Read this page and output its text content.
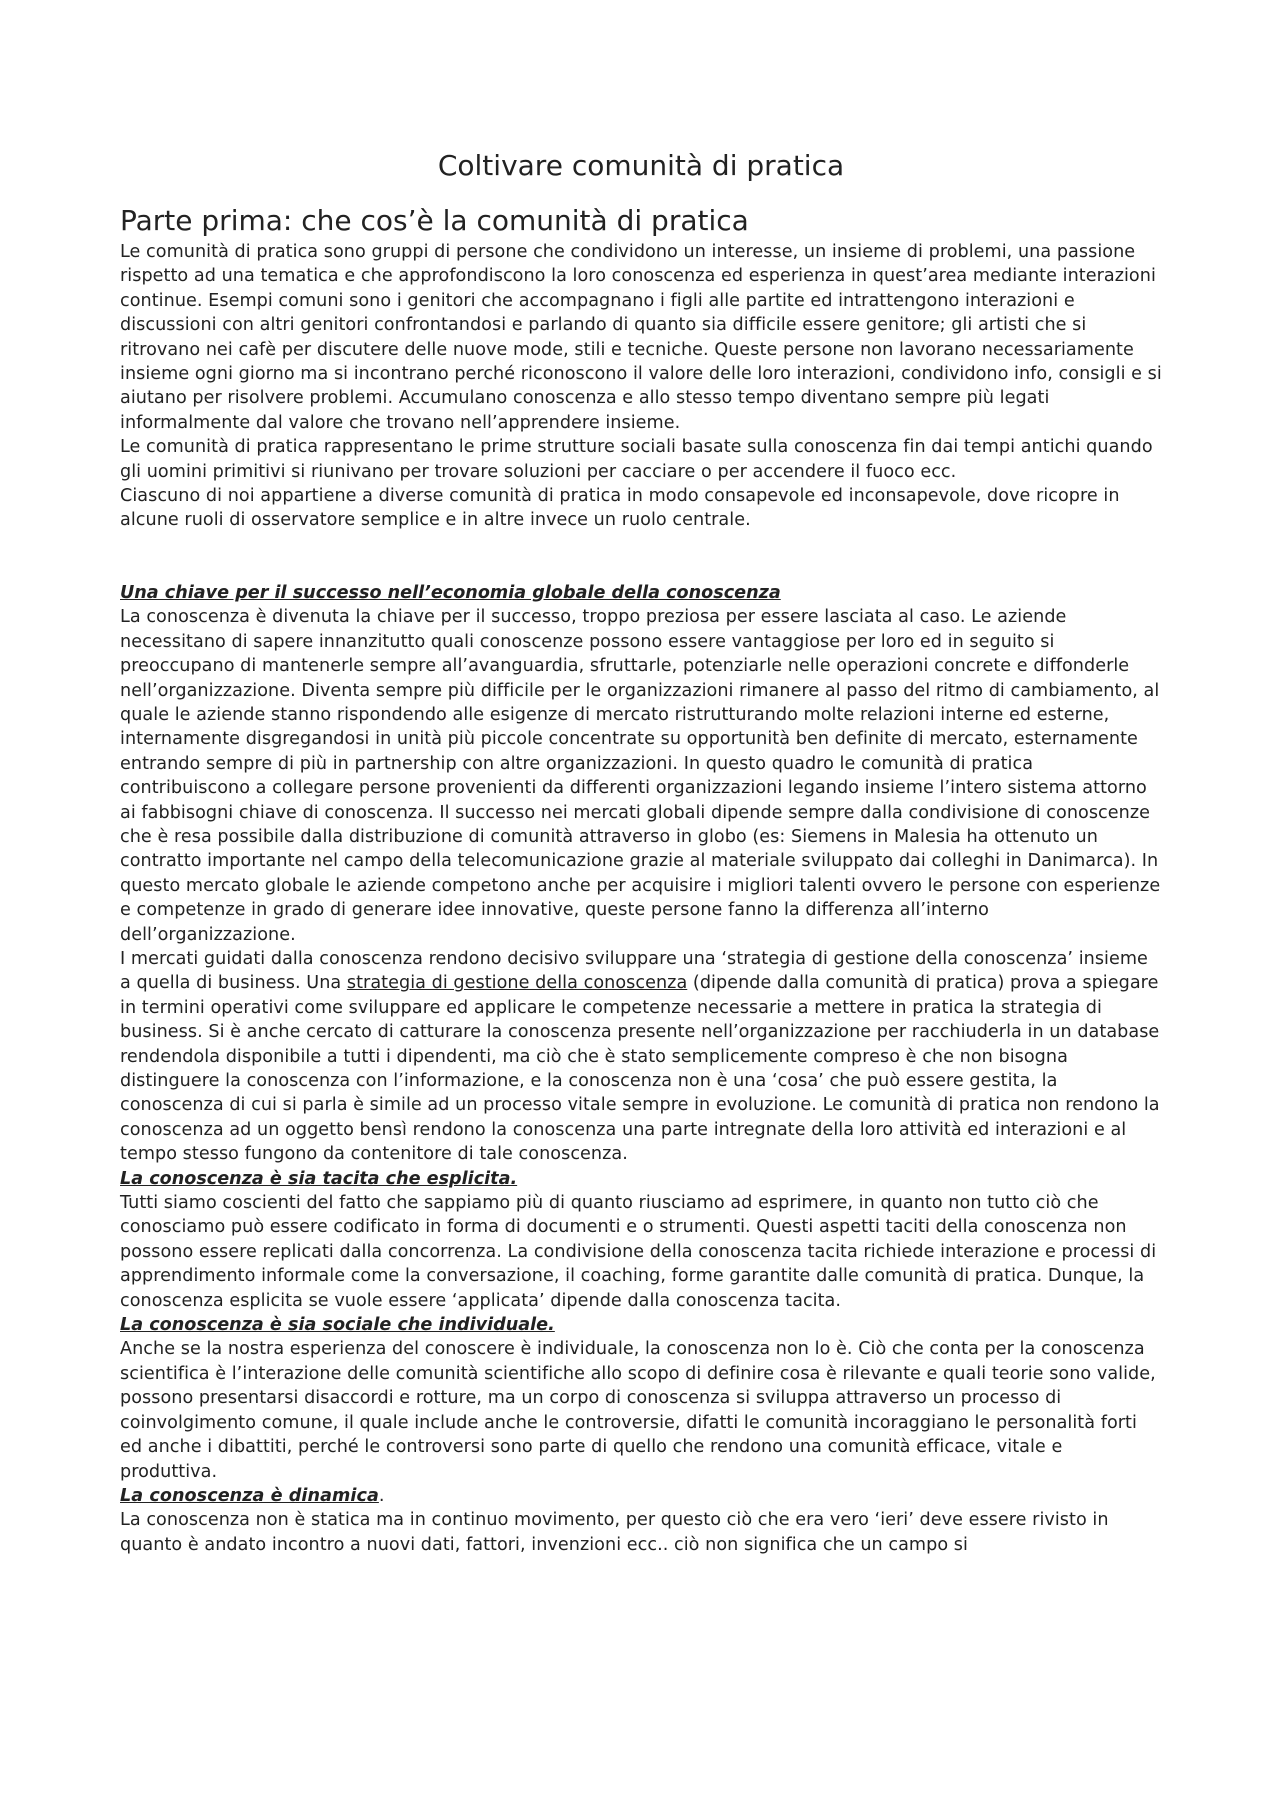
Coltivare comunità di pratica
Parte prima: che cos’è la comunità di pratica

Le comunità di pratica sono gruppi di persone che condividono un interesse, un insieme di problemi, una passione rispetto ad una tematica e che approfondiscono la loro conoscenza ed esperienza in quest’area mediante interazioni continue. Esempi comuni sono i genitori che accompagnano i figli alle partite ed intrattengono interazioni e discussioni con altri genitori confrontandosi e parlando di quanto sia difficile essere genitore; gli artisti che si ritrovano nei cafè per discutere delle nuove mode, stili e tecniche. Queste persone non lavorano necessariamente insieme ogni giorno ma si incontrano perché riconoscono il valore delle loro interazioni, condividono info, consigli e si aiutano per risolvere problemi. Accumulano conoscenza e allo stesso tempo diventano sempre più legati informalmente dal valore che trovano nell’apprendere insieme.

Le comunità di pratica rappresentano le prime strutture sociali basate sulla conoscenza fin dai tempi antichi quando gli uomini primitivi si riunivano per trovare soluzioni per cacciare o per accendere il fuoco ecc.

Ciascuno di noi appartiene a diverse comunità di pratica in modo consapevole ed inconsapevole, dove ricopre in alcune ruoli di osservatore semplice e in altre invece un ruolo centrale.

Una chiave per il successo nell’economia globale della conoscenza

La conoscenza è divenuta la chiave per il successo, troppo preziosa per essere lasciata al caso. Le aziende necessitano di sapere innanzitutto quali conoscenze possono essere vantaggiose per loro ed in seguito si preoccupano di mantenerle sempre all’avanguardia, sfruttarle, potenziarle nelle operazioni concrete e diffonderle nell’organizzazione. Diventa sempre più difficile per le organizzazioni rimanere al passo del ritmo di cambiamento, al quale le aziende stanno rispondendo alle esigenze di mercato ristrutturando molte relazioni interne ed esterne, internamente disgregandosi in unità più piccole concentrate su opportunità ben definite di mercato, esternamente entrando sempre di più in partnership con altre organizzazioni. In questo quadro le comunità di pratica contribuiscono a collegare persone provenienti da differenti organizzazioni legando insieme l’intero sistema attorno ai fabbisogni chiave di conoscenza. Il successo nei mercati globali dipende sempre dalla condivisione di conoscenze che è resa possibile dalla distribuzione di comunità attraverso in globo (es: Siemens in Malesia ha ottenuto un contratto importante nel campo della telecomunicazione grazie al materiale sviluppato dai colleghi in Danimarca). In questo mercato globale le aziende competono anche per acquisire i migliori talenti ovvero le persone con esperienze e competenze in grado di generare idee innovative, queste persone fanno la differenza all’interno dell’organizzazione.

I mercati guidati dalla conoscenza rendono decisivo sviluppare una ‘strategia di gestione della conoscenza’ insieme a quella di business. Una strategia di gestione della conoscenza (dipende dalla comunità di pratica) prova a spiegare in termini operativi come sviluppare ed applicare le competenze necessarie a mettere in pratica la strategia di business. Si è anche cercato di catturare la conoscenza presente nell’organizzazione per racchiuderla in un database rendendola disponibile a tutti i dipendenti, ma ciò che è stato semplicemente compreso è che non bisogna distinguere la conoscenza con l’informazione, e la conoscenza non è una ‘cosa’ che può essere gestita, la conoscenza di cui si parla è simile ad un processo vitale sempre in evoluzione. Le comunità di pratica non rendono la conoscenza ad un oggetto bensì rendono la conoscenza una parte intregnate della loro attività ed interazioni e al tempo stesso fungono da contenitore di tale conoscenza.

La conoscenza è sia tacita che esplicita.

Tutti siamo coscienti del fatto che sappiamo più di quanto riusciamo ad esprimere, in quanto non tutto ciò che conosciamo può essere codificato in forma di documenti e o strumenti. Questi aspetti taciti della conoscenza non possono essere replicati dalla concorrenza. La condivisione della conoscenza tacita richiede interazione e processi di apprendimento informale come la conversazione, il coaching, forme garantite dalle comunità di pratica. Dunque, la conoscenza esplicita se vuole essere ‘applicata’ dipende dalla conoscenza tacita.

La conoscenza è sia sociale che individuale.

Anche se la nostra esperienza del conoscere è individuale, la conoscenza non lo è. Ciò che conta per la conoscenza scientifica è l’interazione delle comunità scientifiche allo scopo di definire cosa è rilevante e quali teorie sono valide, possono presentarsi disaccordi e rotture, ma un corpo di conoscenza si sviluppa attraverso un processo di coinvolgimento comune, il quale include anche le controversie, difatti le comunità incoraggiano le personalità forti ed anche i dibattiti, perché le controversi sono parte di quello che rendono una comunità efficace, vitale e produttiva.

La conoscenza è dinamica.

La conoscenza non è statica ma in continuo movimento, per questo ciò che era vero ‘ieri’ deve essere rivisto in quanto è andato incontro a nuovi dati, fattori, invenzioni ecc.. ciò non significa che un campo si
